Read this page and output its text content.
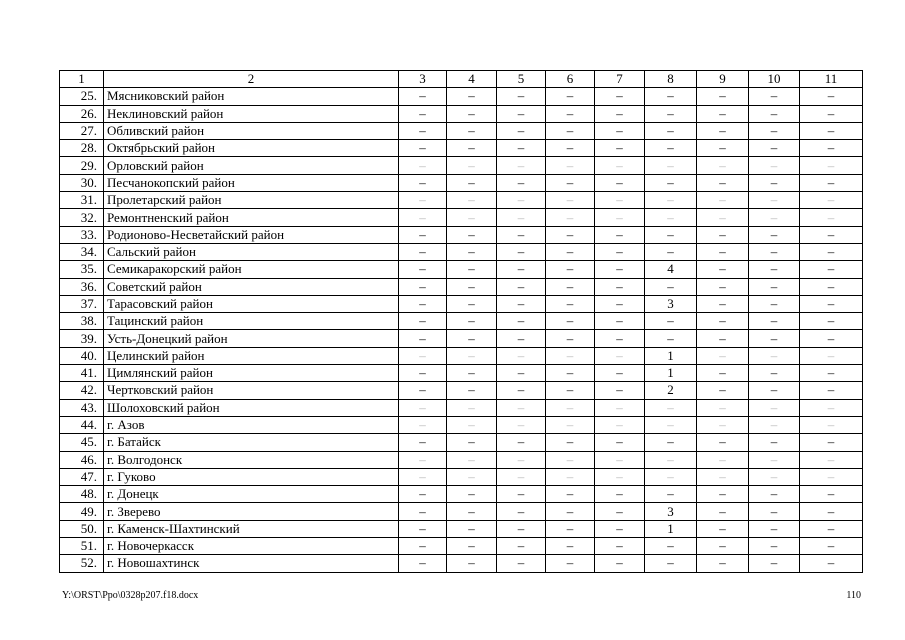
1	2	3	4	5	6	7	8	9	10	11
25.	Мясниковский район	–	–	–	–	–	–	–	–	–
26.	Неклиновский район	–	–	–	–	–	–	–	–	–
27.	Обливский район	–	–	–	–	–	–	–	–	–
28.	Октябрьский район	–	–	–	–	–	–	–	–	–
29.	Орловский район	–	–	–	–	–	–	–	–	–
30.	Песчанокопский район	–	–	–	–	–	–	–	–	–
31.	Пролетарский район	–	–	–	–	–	–	–	–	–
32.	Ремонтненский район	–	–	–	–	–	–	–	–	–
33.	Родионово-Несветайский район	–	–	–	–	–	–	–	–	–
34.	Сальский район	–	–	–	–	–	–	–	–	–
35.	Семикаракорский район	–	–	–	–	–	4	–	–	–
36.	Советский район	–	–	–	–	–	–	–	–	–
37.	Тарасовский район	–	–	–	–	–	3	–	–	–
38.	Тацинский район	–	–	–	–	–	–	–	–	–
39.	Усть-Донецкий район	–	–	–	–	–	–	–	–	–
40.	Целинский район	–	–	–	–	–	1	–	–	–
41.	Цимлянский район	–	–	–	–	–	1	–	–	–
42.	Чертковский район	–	–	–	–	–	2	–	–	–
43.	Шолоховский район	–	–	–	–	–	–	–	–	–
44.	г. Азов	–	–	–	–	–	–	–	–	–
45.	г. Батайск	–	–	–	–	–	–	–	–	–
46.	г. Волгодонск	–	–	–	–	–	–	–	–	–
47.	г. Гуково	–	–	–	–	–	–	–	–	–
48.	г. Донецк	–	–	–	–	–	–	–	–	–
49.	г. Зверево	–	–	–	–	–	3	–	–	–
50.	г. Каменск-Шахтинский	–	–	–	–	–	1	–	–	–
51.	г. Новочеркасск	–	–	–	–	–	–	–	–	–
52.	г. Новошахтинск	–	–	–	–	–	–	–	–	–
Y:\ORST\Ppo\0328p207.f18.docx	110
